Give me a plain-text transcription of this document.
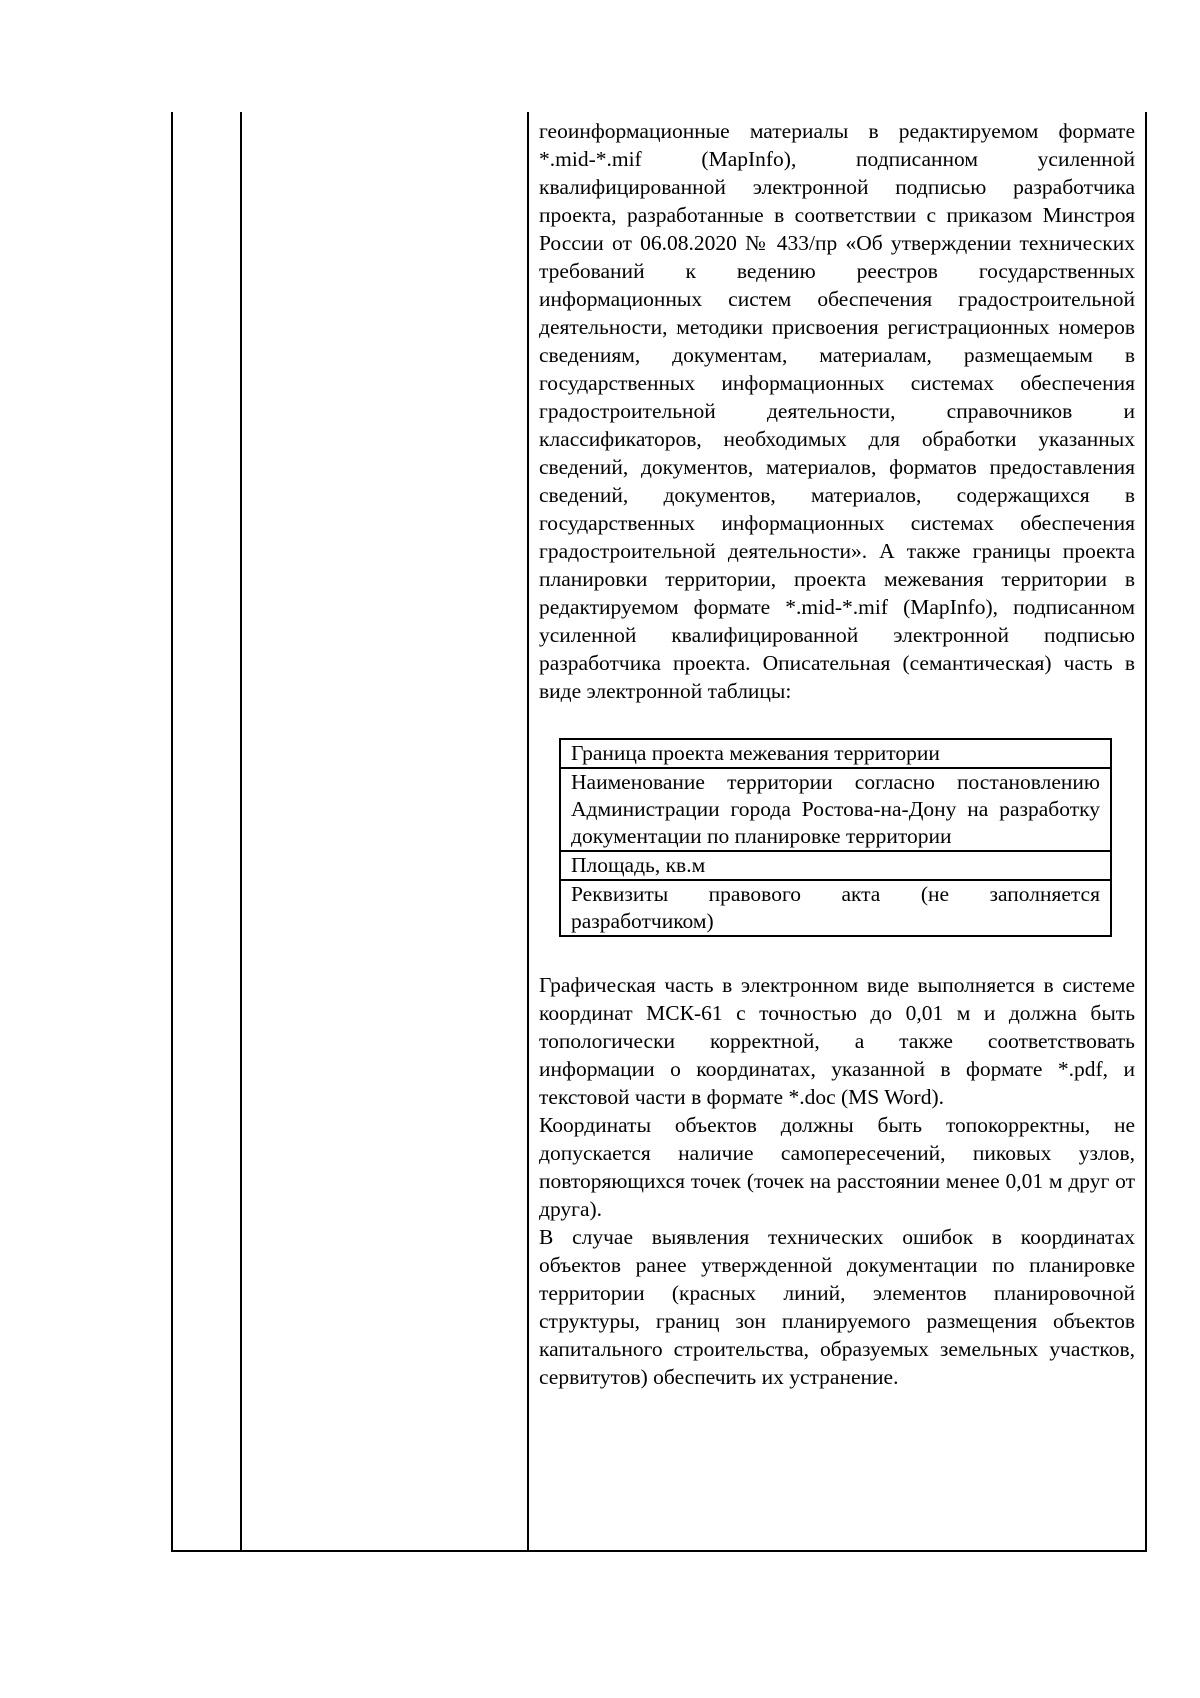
геоинформационные материалы в редактируемом формате *.mid-*.mif (MapInfo), подписанном усиленной квалифицированной электронной подписью разработчика проекта, разработанные в соответствии с приказом Минстроя России от 06.08.2020 № 433/пр «Об утверждении технических требований к ведению реестров государственных информационных систем обеспечения градостроительной деятельности, методики присвоения регистрационных номеров сведениям, документам, материалам, размещаемым в государственных информационных системах обеспечения градостроительной деятельности, справочников и классификаторов, необходимых для обработки указанных сведений, документов, материалов, форматов предоставления сведений, документов, материалов, содержащихся в государственных информационных системах обеспечения градостроительной деятельности». А также границы проекта планировки территории, проекта межевания территории в редактируемом формате *.mid-*.mif (MapInfo), подписанном усиленной квалифицированной электронной подписью разработчика проекта. Описательная (семантическая) часть в виде электронной таблицы:

Граница проекта межевания территории
Наименование территории согласно постановлению Администрации города Ростова-на-Дону на разработку документации по планировке территории
Площадь, кв.м
Реквизиты правового акта (не заполняется разработчиком)

Графическая часть в электронном виде выполняется в системе координат МСК-61 с точностью до 0,01 м и должна быть топологически корректной, а также соответствовать информации о координатах, указанной в формате *.pdf, и текстовой части в формате *.doc (MS Word).

Координаты объектов должны быть топокорректны, не допускается наличие самопересечений, пиковых узлов, повторяющихся точек (точек на расстоянии менее 0,01 м друг от друга).

В случае выявления технических ошибок в координатах объектов ранее утвержденной документации по планировке территории (красных линий, элементов планировочной структуры, границ зон планируемого размещения объектов капитального строительства, образуемых земельных участков, сервитутов) обеспечить их устранение.
